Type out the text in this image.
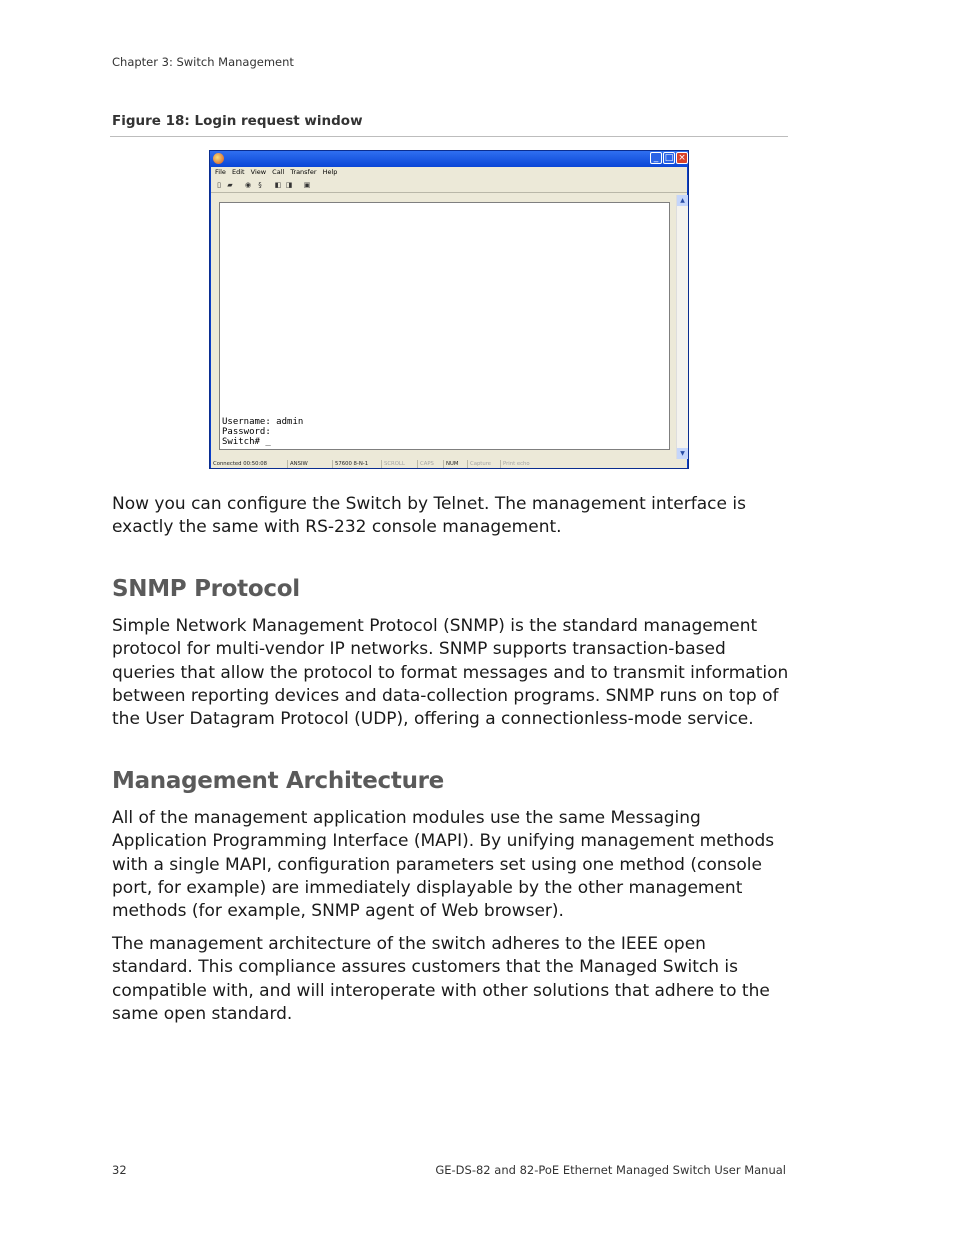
Chapter 3: Switch Management
Figure 18: Login request window
_ □ ×
File Edit View Call Transfer Help
▯ ▰ ◉	§	◧ ◨ ▣
Username: admin
Password:
Switch# _
▲
▼
Connected 00:50:08	ANSIW	57600 8-N-1	SCROLL	CAPS	NUM	Capture	Print echo

Now you can configure the Switch by Telnet. The management interface is exactly the same with RS-232 console management.

SNMP Protocol

Simple Network Management Protocol (SNMP) is the standard management protocol for multi-vendor IP networks. SNMP supports transaction-based queries that allow the protocol to format messages and to transmit information between reporting devices and data-collection programs. SNMP runs on top of the User Datagram Protocol (UDP), offering a connectionless-mode service.

Management Architecture

All of the management application modules use the same Messaging Application Programming Interface (MAPI). By unifying management methods with a single MAPI, configuration parameters set using one method (console port, for example) are immediately displayable by the other management methods (for example, SNMP agent of Web browser).

The management architecture of the switch adheres to the IEEE open standard. This compliance assures customers that the Managed Switch is compatible with, and will interoperate with other solutions that adhere to the same open standard.

32	GE-DS-82 and 82-PoE Ethernet Managed Switch User Manual
